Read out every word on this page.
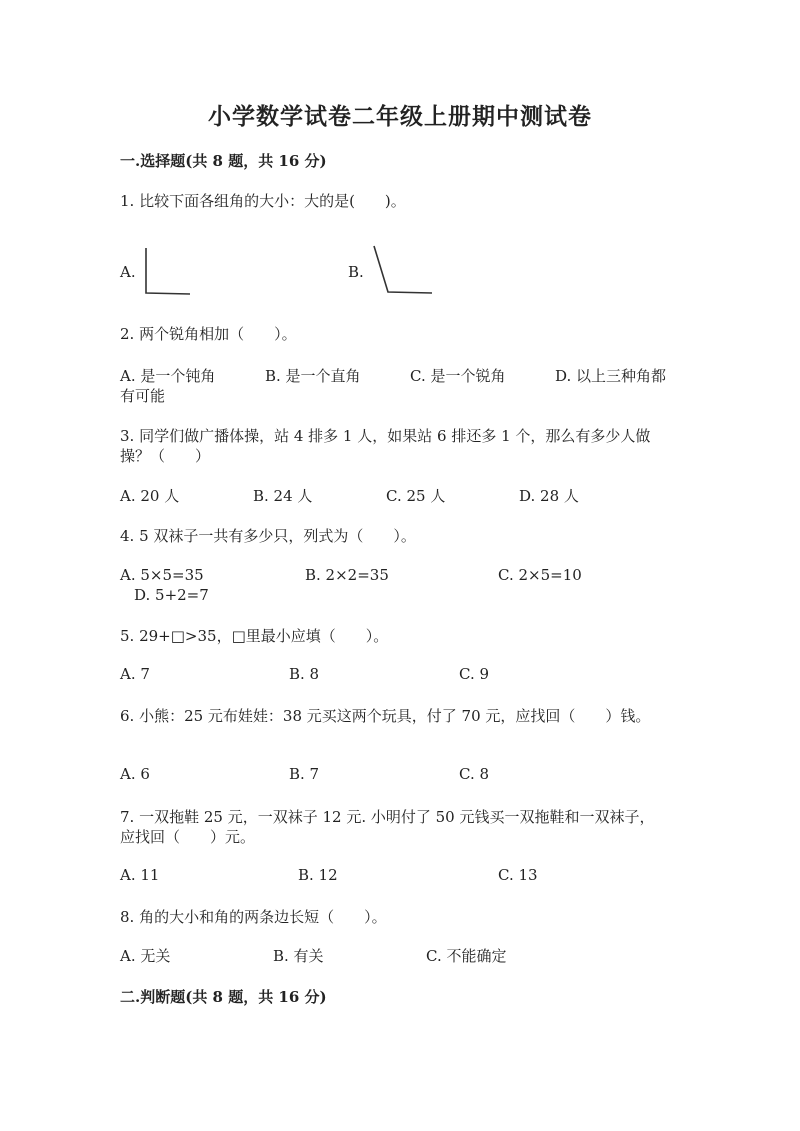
小学数学试卷二年级上册期中测试卷
一.选择题(共 8 题，共 16 分)
1. 比较下面各组角的大小：大的是(　　)。
A.	B.
2. 两个锐角相加（　　）。
A. 是一个钝角	B. 是一个直角	C. 是一个锐角	D. 以上三种角都
有可能
3. 同学们做广播体操，站 4 排多 1 人，如果站 6 排还多 1 个，那么有多少人做
操？（　　）
A. 20 人	B. 24 人	C. 25 人	D. 28 人
4. 5 双袜子一共有多少只，列式为（　　）。
A. 5×5=35	B. 2×2=35	C. 2×5=10
D. 5+2=7
5. 29+□>35，□里最小应填（　　）。
A. 7	B. 8	C. 9
6. 小熊：25 元布娃娃：38 元买这两个玩具，付了 70 元，应找回（　　）钱。
A. 6	B. 7	C. 8
7. 一双拖鞋 25 元，一双袜子 12 元. 小明付了 50 元钱买一双拖鞋和一双袜子，
应找回（　　）元。
A. 11	B. 12	C. 13
8. 角的大小和角的两条边长短（　　）。
A. 无关	B. 有关	C. 不能确定
二.判断题(共 8 题，共 16 分)
